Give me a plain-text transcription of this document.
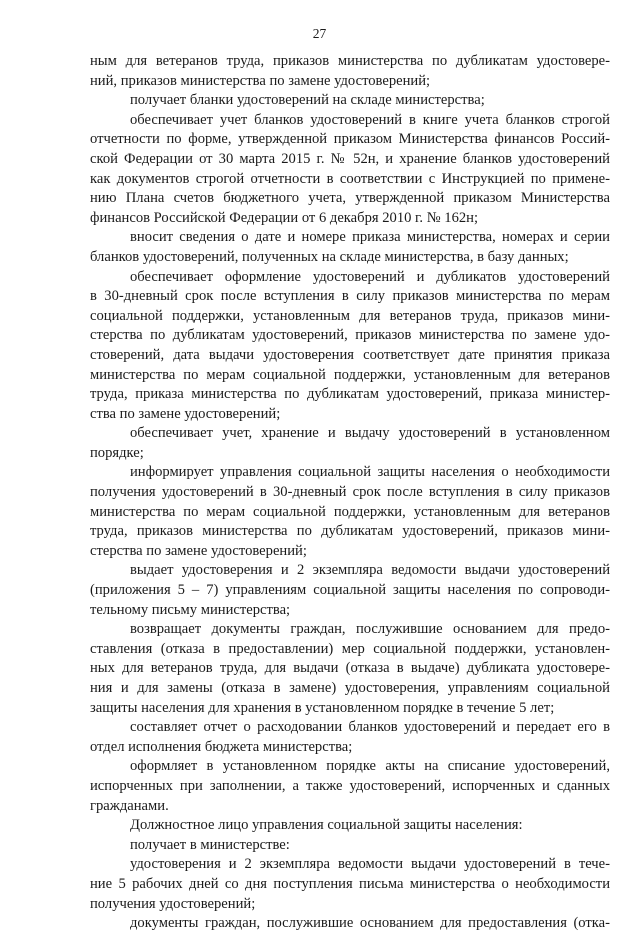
27
ным для ветеранов труда, приказов министерства по дубликатам удостовере-
ний, приказов министерства по замене удостоверений;
получает бланки удостоверений на складе министерства;
обеспечивает учет бланков удостоверений в книге учета бланков строгой
отчетности по форме, утвержденной приказом Министерства финансов Россий-
ской Федерации от 30 марта 2015 г. № 52н, и хранение бланков удостоверений
как документов строгой отчетности в соответствии с Инструкцией по примене-
нию Плана счетов бюджетного учета, утвержденной приказом Министерства
финансов Российской Федерации от 6 декабря 2010 г. № 162н;
вносит сведения о дате и номере приказа министерства, номерах и серии
бланков удостоверений, полученных на складе министерства, в базу данных;
обеспечивает оформление удостоверений и дубликатов удостоверений
в 30-дневный срок после вступления в силу приказов министерства по мерам
социальной поддержки, установленным для ветеранов труда, приказов мини-
стерства по дубликатам удостоверений, приказов министерства по замене удо-
стоверений, дата выдачи удостоверения соответствует дате принятия приказа
министерства по мерам социальной поддержки, установленным для ветеранов
труда, приказа министерства по дубликатам удостоверений, приказа министер-
ства по замене удостоверений;
обеспечивает учет, хранение и выдачу удостоверений в установленном
порядке;
информирует управления социальной защиты населения о необходимости
получения удостоверений в 30-дневный срок после вступления в силу приказов
министерства по мерам социальной поддержки, установленным для ветеранов
труда, приказов министерства по дубликатам удостоверений, приказов мини-
стерства по замене удостоверений;
выдает удостоверения и 2 экземпляра ведомости выдачи удостоверений
(приложения 5 – 7) управлениям социальной защиты населения по сопроводи-
тельному письму министерства;
возвращает документы граждан, послужившие основанием для предо-
ставления (отказа в предоставлении) мер социальной поддержки, установлен-
ных для ветеранов труда, для выдачи (отказа в выдаче) дубликата удостовере-
ния и для замены (отказа в замене) удостоверения, управлениям социальной
защиты населения для хранения в установленном порядке в течение 5 лет;
составляет отчет о расходовании бланков удостоверений и передает его в
отдел исполнения бюджета министерства;
оформляет в установленном порядке акты на списание удостоверений,
испорченных при заполнении, а также удостоверений, испорченных и сданных
гражданами.
Должностное лицо управления социальной защиты населения:
получает в министерстве:
удостоверения и 2 экземпляра ведомости выдачи удостоверений в тече-
ние 5 рабочих дней со дня поступления письма министерства о необходимости
получения удостоверений;
документы граждан, послужившие основанием для предоставления (отка-
